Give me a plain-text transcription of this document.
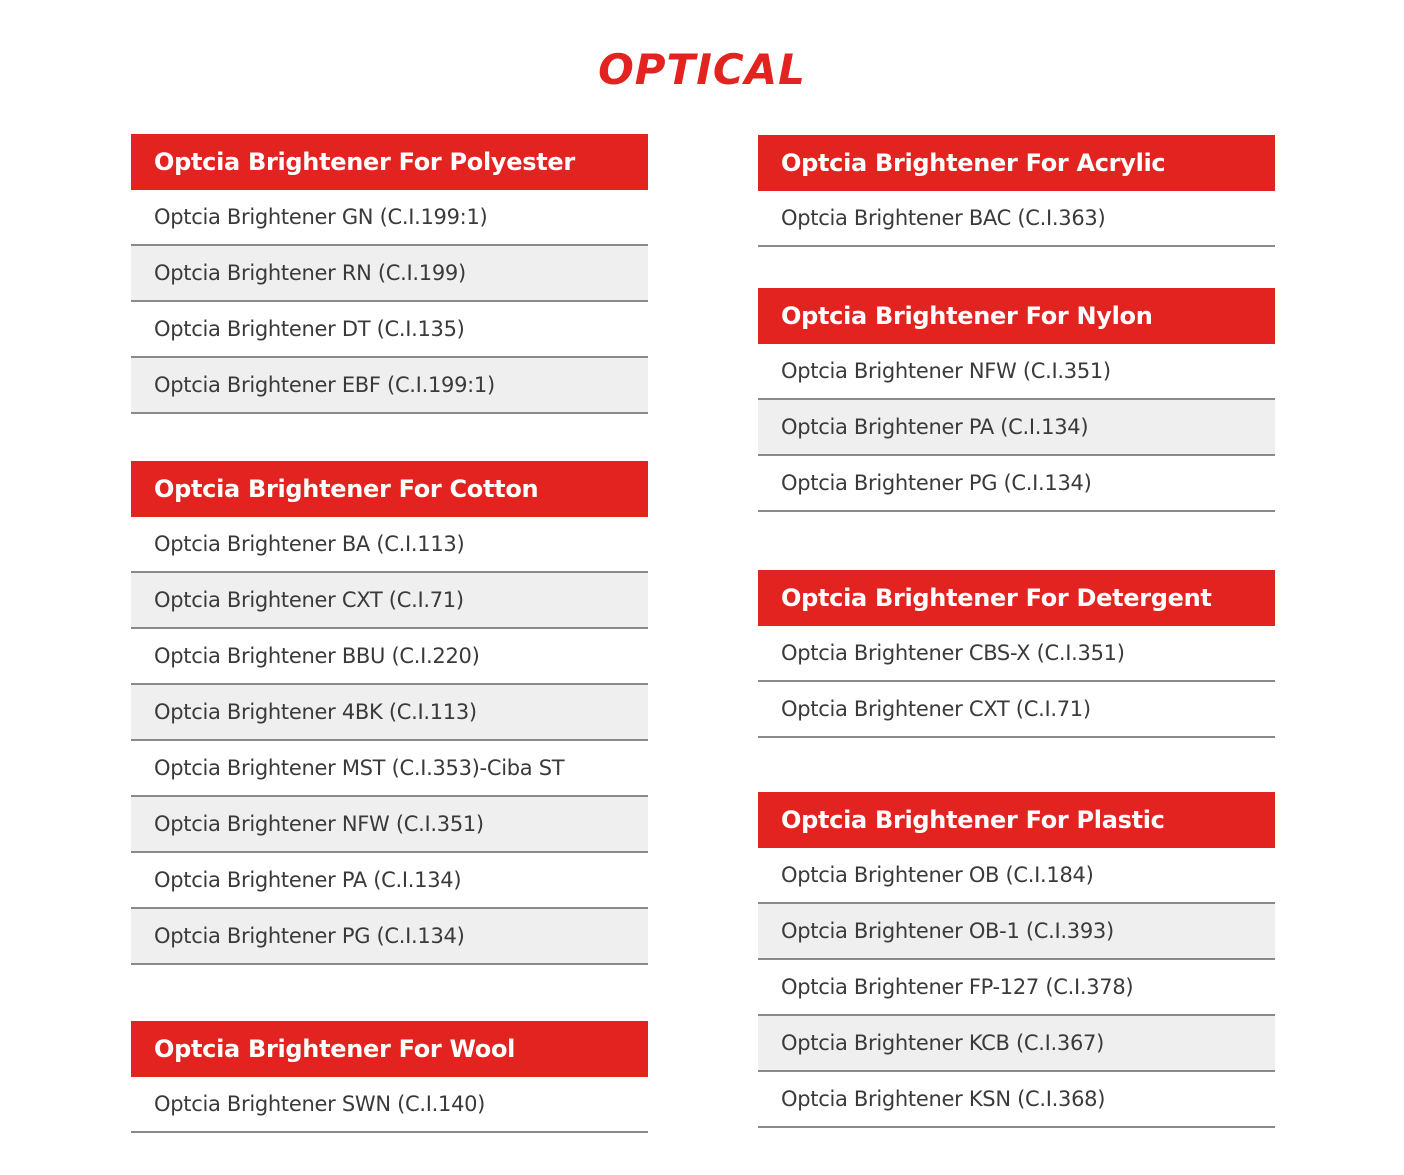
OPTICAL
Optcia Brightener For Polyester
Optcia Brightener GN (C.I.199:1)
Optcia Brightener RN (C.I.199)
Optcia Brightener DT (C.I.135)
Optcia Brightener EBF (C.I.199:1)
Optcia Brightener For Cotton
Optcia Brightener BA (C.I.113)
Optcia Brightener CXT (C.I.71)
Optcia Brightener BBU (C.I.220)
Optcia Brightener 4BK (C.I.113)
Optcia Brightener MST (C.I.353)-Ciba ST
Optcia Brightener NFW (C.I.351)
Optcia Brightener PA (C.I.134)
Optcia Brightener PG (C.I.134)
Optcia Brightener For Wool
Optcia Brightener SWN (C.I.140)
Optcia Brightener For Acrylic
Optcia Brightener BAC (C.I.363)
Optcia Brightener For Nylon
Optcia Brightener NFW (C.I.351)
Optcia Brightener PA (C.I.134)
Optcia Brightener PG (C.I.134)
Optcia Brightener For Detergent
Optcia Brightener CBS-X (C.I.351)
Optcia Brightener CXT (C.I.71)
Optcia Brightener For Plastic
Optcia Brightener OB (C.I.184)
Optcia Brightener OB-1 (C.I.393)
Optcia Brightener FP-127 (C.I.378)
Optcia Brightener KCB (C.I.367)
Optcia Brightener KSN (C.I.368)
